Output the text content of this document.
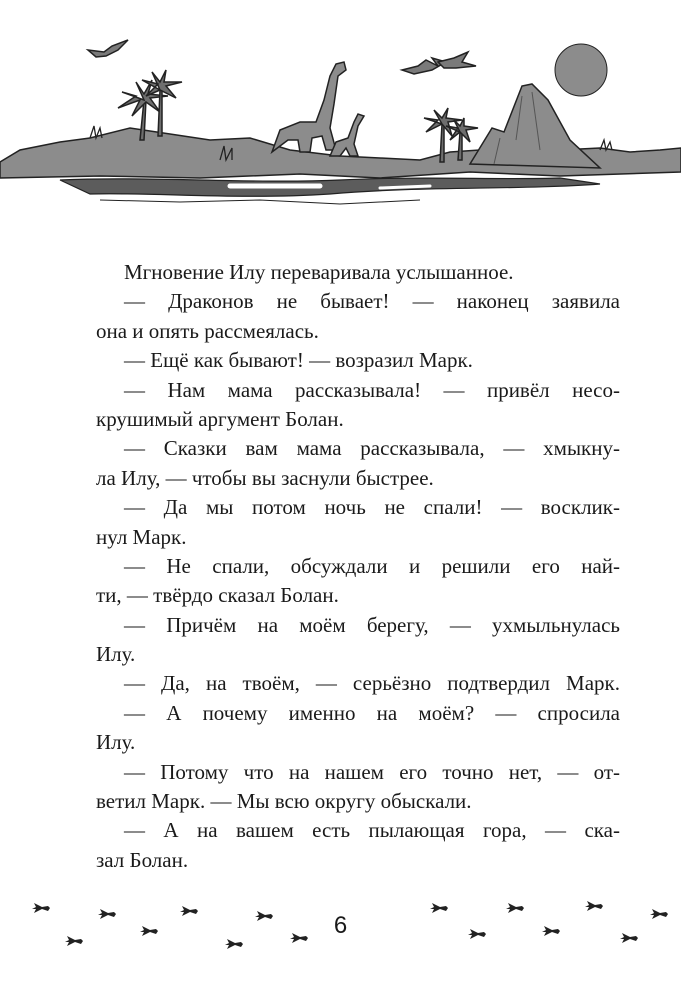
Мгновение Илу переваривала услышанное.
— Драконов не бывает! — наконец заявила
она и опять рассмеялась.
— Ещё как бывают! — возразил Марк.
— Нам мама рассказывала! — привёл несо-
крушимый аргумент Болан.
— Сказки вам мама рассказывала, — хмыкну-
ла Илу, — чтобы вы заснули быстрее.
— Да мы потом ночь не спали! — восклик-
нул Марк.
— Не спали, обсуждали и решили его най-
ти, — твёрдо сказал Болан.
— Причём на моём берегу, — ухмыльнулась
Илу.
— Да, на твоём, — серьёзно подтвердил Марк.
— А почему именно на моём? — спросила
Илу.
— Потому что на нашем его точно нет, — от-
ветил Марк. — Мы всю округу обыскали.
— А на вашем есть пылающая гора, — ска-
зал Болан.
6
